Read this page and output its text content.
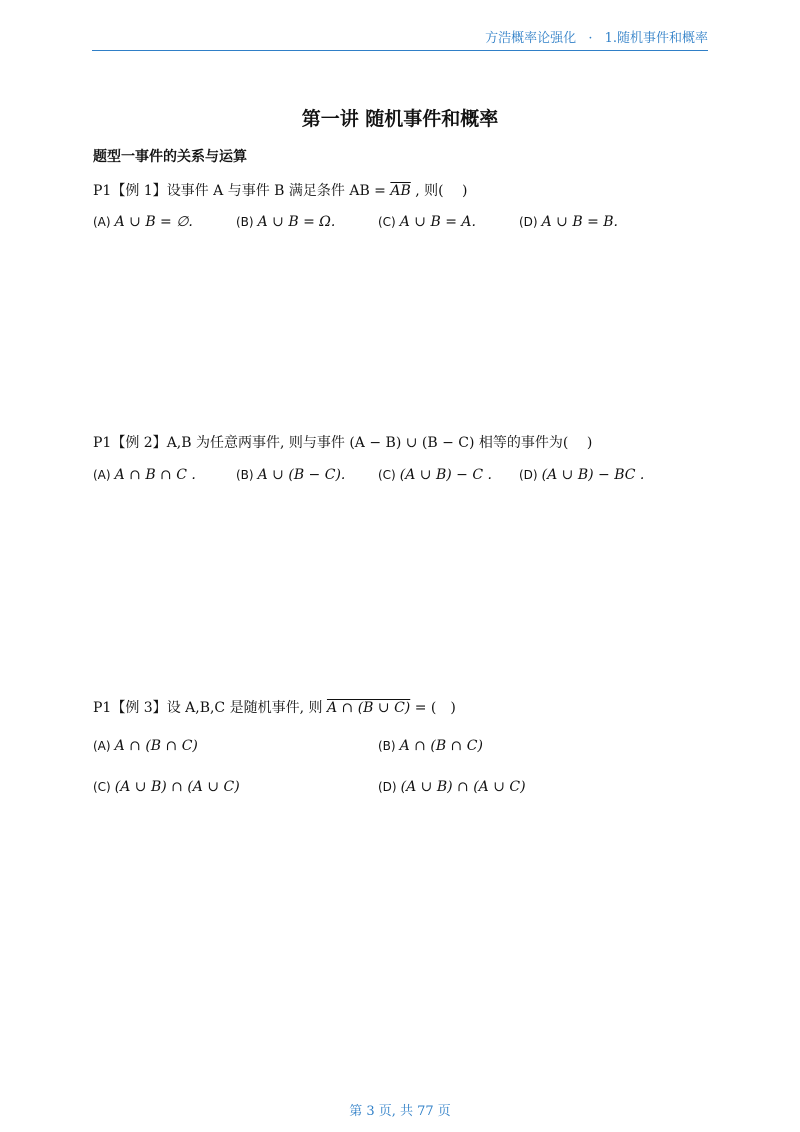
方浩概率论强化 · 1.随机事件和概率
第一讲 随机事件和概率
题型一事件的关系与运算
P1【例 1】设事件 A 与事件 B 满足条件 AB = $\overline{AB}$ , 则(　 )
(A) A ∪ B = ∅.	(B) A ∪ B = Ω.	(C) A ∪ B = A.	(D) A ∪ B = B.
P1【例 2】A,B 为任意两事件, 则与事件 (A − B) ∪ (B − C) 相等的事件为(　 )
(A) A ∩ B ∩ C .	(B) A ∪ (B − C).	(C) (A ∪ B) − C . (D) (A ∪ B) − BC .
P1【例 3】设 A,B,C 是随机事件, 则 A ∩ (B ∪ C) = (　)
(A) A ∩ (B ∩ C)	(B) A ∩ (B ∩ C)
(C) (A ∪ B) ∩ (A ∪ C)	(D) (A ∪ B) ∩ (A ∪ C)
第 3 页, 共 77 页
